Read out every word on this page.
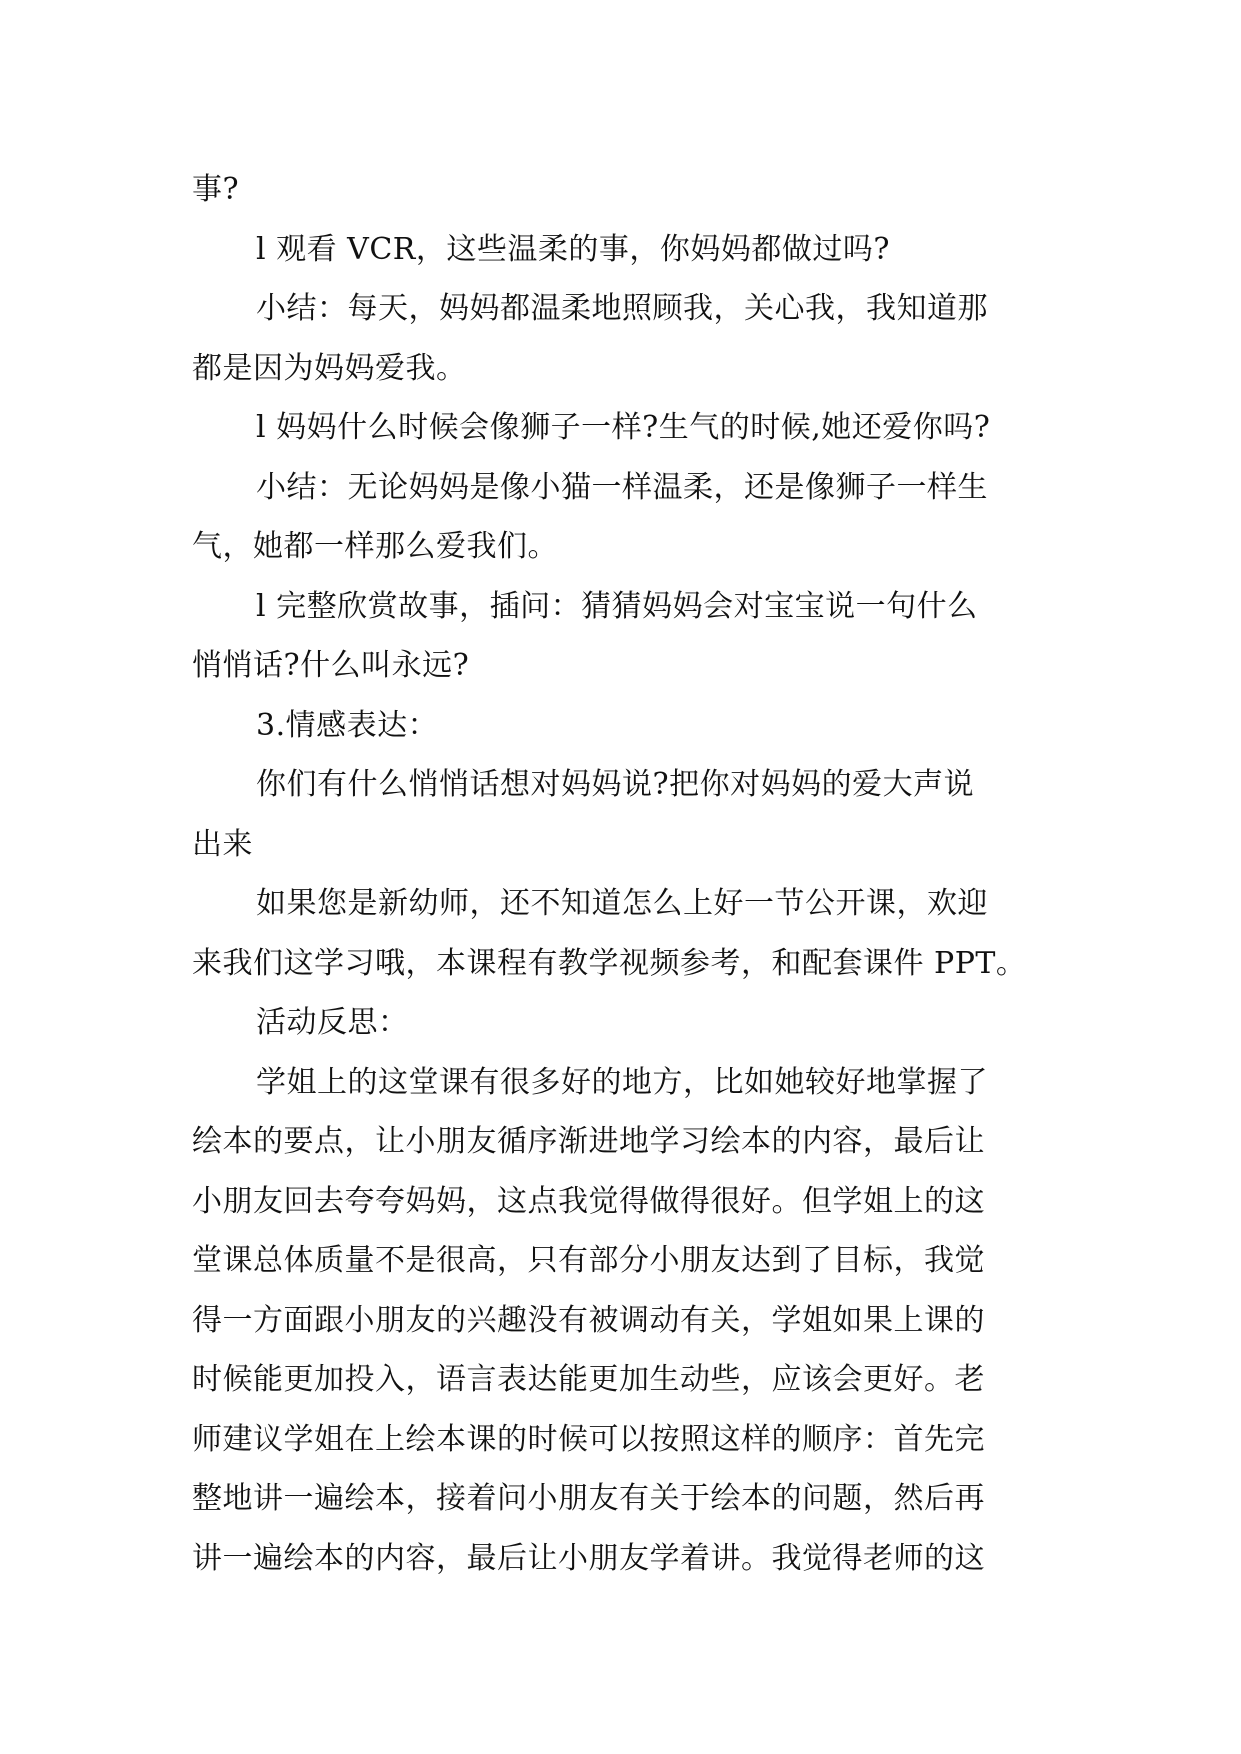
事?
l 观看 VCR，这些温柔的事，你妈妈都做过吗?
小结：每天，妈妈都温柔地照顾我，关心我，我知道那
都是因为妈妈爱我。
l 妈妈什么时候会像狮子一样?生气的时候,她还爱你吗?
小结：无论妈妈是像小猫一样温柔，还是像狮子一样生
气，她都一样那么爱我们。
l 完整欣赏故事，插问：猜猜妈妈会对宝宝说一句什么
悄悄话?什么叫永远?
3.情感表达：
你们有什么悄悄话想对妈妈说?把你对妈妈的爱大声说
出来
如果您是新幼师，还不知道怎么上好一节公开课，欢迎
来我们这学习哦，本课程有教学视频参考，和配套课件 PPT。
活动反思：
学姐上的这堂课有很多好的地方，比如她较好地掌握了
绘本的要点，让小朋友循序渐进地学习绘本的内容，最后让
小朋友回去夸夸妈妈，这点我觉得做得很好。但学姐上的这
堂课总体质量不是很高，只有部分小朋友达到了目标，我觉
得一方面跟小朋友的兴趣没有被调动有关，学姐如果上课的
时候能更加投入，语言表达能更加生动些，应该会更好。老
师建议学姐在上绘本课的时候可以按照这样的顺序：首先完
整地讲一遍绘本，接着问小朋友有关于绘本的问题，然后再
讲一遍绘本的内容，最后让小朋友学着讲。我觉得老师的这
